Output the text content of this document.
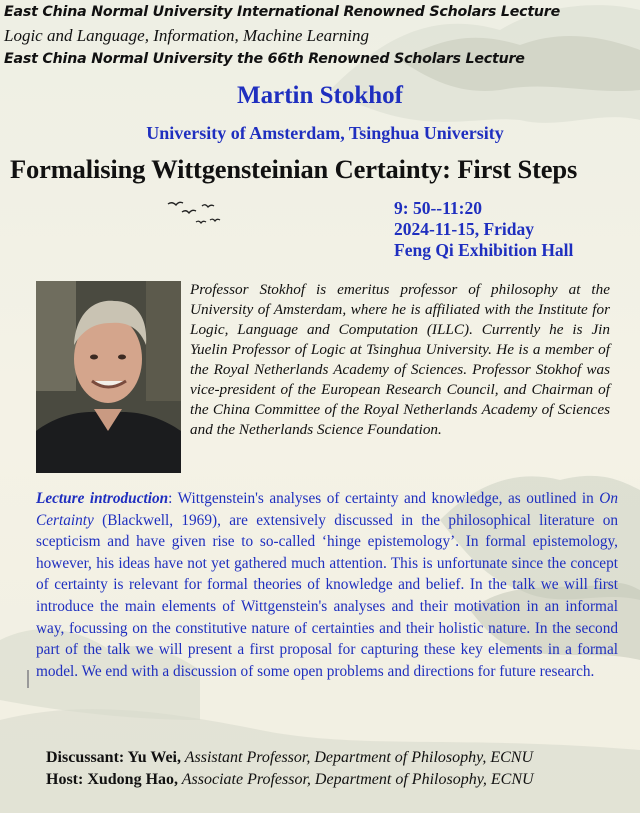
East China Normal University International Renowned Scholars Lecture
Logic and Language, Information, Machine Learning
East China Normal University the 66th Renowned Scholars Lecture
Martin Stokhof
University of Amsterdam, Tsinghua University
Formalising Wittgensteinian Certainty: First Steps
9: 50--11:20
2024-11-15, Friday
Feng Qi Exhibition Hall
Professor Stokhof is emeritus professor of philosophy at the University of Amsterdam, where he is affiliated with the Institute for Logic, Language and Computation (ILLC). Currently he is Jin Yuelin Professor of Logic at Tsinghua University. He is a member of the Royal Netherlands Academy of Sciences. Professor Stokhof was vice-president of the European Research Council, and Chairman of the China Committee of the Royal Netherlands Academy of Sciences and the Netherlands Science Foundation.
Lecture introduction: Wittgenstein's analyses of certainty and knowledge, as outlined in On Certainty (Blackwell, 1969), are extensively discussed in the philosophical literature on scepticism and have given rise to so-called ‘hinge epistemology’. In formal epistemology, however, his ideas have not yet gathered much attention. This is unfortunate since the concept of certainty is relevant for formal theories of knowledge and belief. In the talk we will first introduce the main elements of Wittgenstein's analyses and their motivation in an informal way, focussing on the constitutive nature of certainties and their holistic nature. In the second part of the talk we will present a first proposal for capturing these key elements in a formal model. We end with a discussion of some open problems and directions for future research.
Discussant: Yu Wei, Assistant Professor, Department of Philosophy, ECNU
Host: Xudong Hao, Associate Professor, Department of Philosophy, ECNU
